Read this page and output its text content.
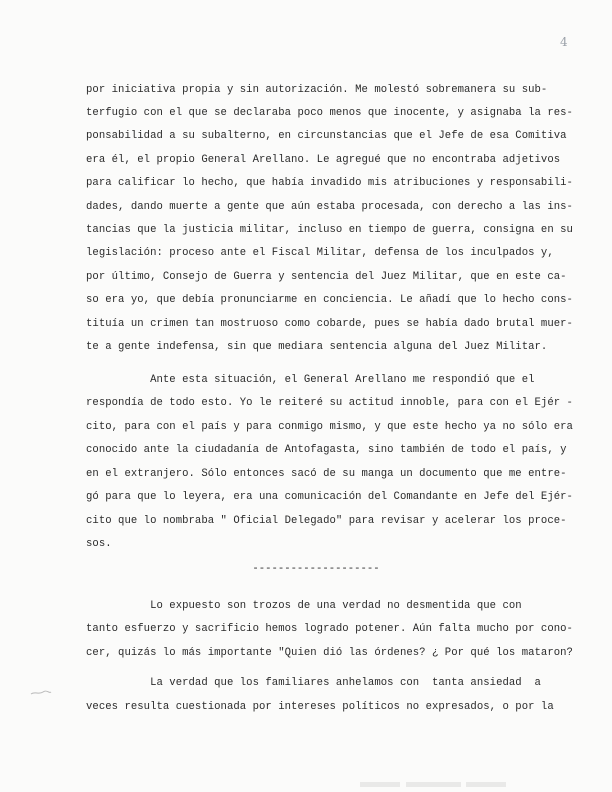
4
por iniciativa propia y sin autorización. Me molestó sobremanera su sub-
terfugio con el que se declaraba poco menos que inocente, y asignaba la res-
ponsabilidad a su subalterno, en circunstancias que el Jefe de esa Comitiva
era él, el propio General Arellano. Le agregué que no encontraba adjetivos
para calificar lo hecho, que había invadido mis atribuciones y responsabili-
dades, dando muerte a gente que aún estaba procesada, con derecho a las ins-
tancias que la justicia militar, incluso en tiempo de guerra, consigna en su
legislación: proceso ante el Fiscal Militar, defensa de los inculpados y,
por último, Consejo de Guerra y sentencia del Juez Militar, que en este ca-
so era yo, que debía pronunciarme en conciencia. Le añadí que lo hecho cons-
tituía un crimen tan mostruoso como cobarde, pues se había dado brutal muer-
te a gente indefensa, sin que mediara sentencia alguna del Juez Militar.
Ante esta situación, el General Arellano me respondió que el
respondía de todo esto. Yo le reiteré su actitud innoble, para con el Ejér -
cito, para con el país y para conmigo mismo, y que este hecho ya no sólo era
conocido ante la ciudadanía de Antofagasta, sino también de todo el país, y
en el extranjero. Sólo entonces sacó de su manga un documento que me entre-
gó para que lo leyera, era una comunicación del Comandante en Jefe del Ejér-
cito que lo nombraba " Oficial Delegado" para revisar y acelerar los proce-
sos.
--------------------
Lo expuesto son trozos de una verdad no desmentida que con
tanto esfuerzo y sacrificio hemos logrado potener. Aún falta mucho por cono-
cer, quizás lo más importante "Quien dió las órdenes? ¿ Por qué los mataron?
La verdad que los familiares anhelamos con  tanta ansiedad  a
veces resulta cuestionada por intereses políticos no expresados, o por la
